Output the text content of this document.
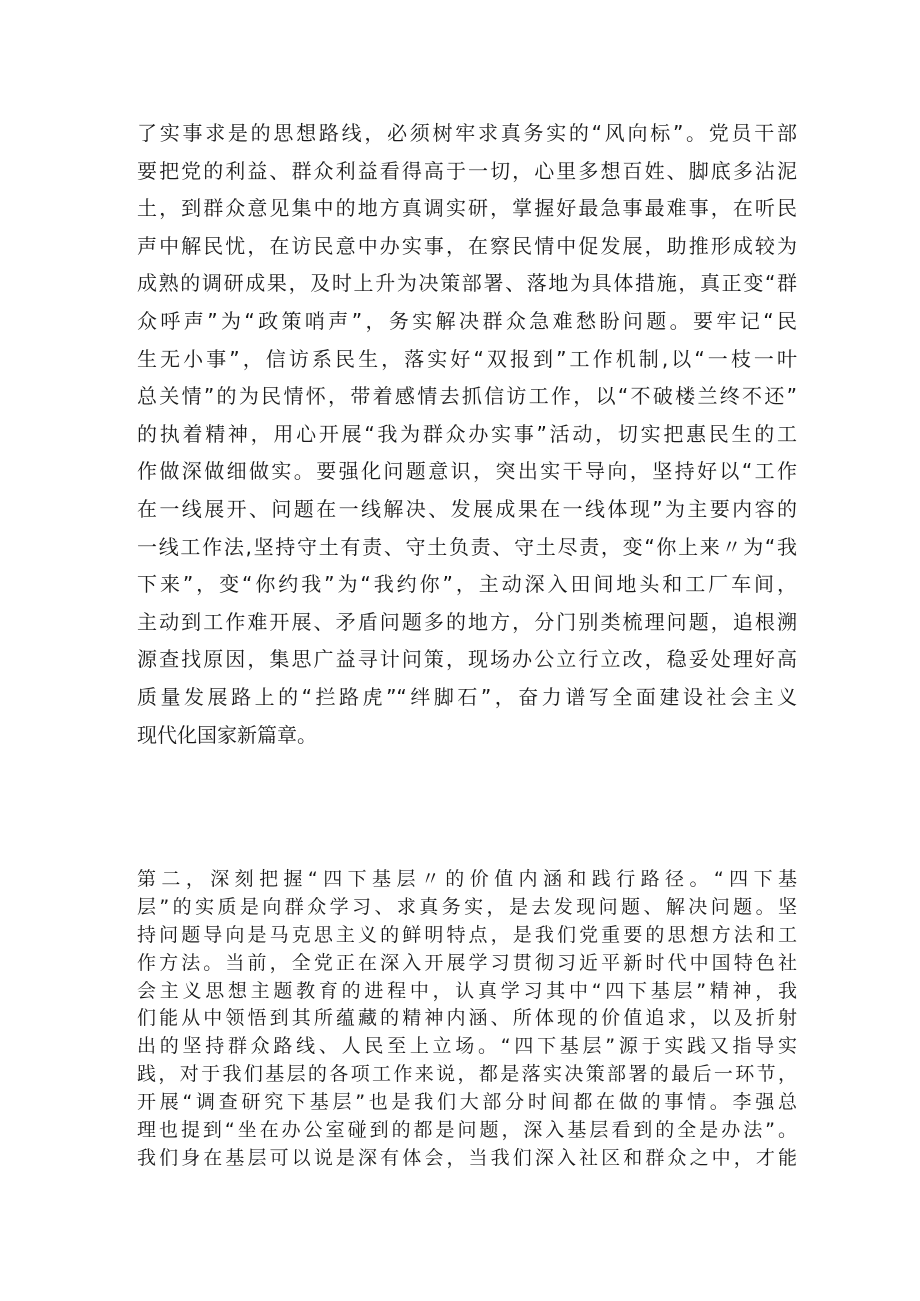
了实事求是的思想路线，必须树牢求真务实的“风向标”。党员干部
要把党的利益、群众利益看得高于一切，心里多想百姓、脚底多沾泥
土，到群众意见集中的地方真调实研，掌握好最急事最难事，在听民
声中解民忧，在访民意中办实事，在察民情中促发展，助推形成较为
成熟的调研成果，及时上升为决策部署、落地为具体措施，真正变“群
众呼声”为“政策哨声”，务实解决群众急难愁盼问题。要牢记“民
生无小事”，信访系民生，落实好“双报到”工作机制,以“一枝一叶
总关情”的为民情怀，带着感情去抓信访工作，以“不破楼兰终不还”
的执着精神，用心开展“我为群众办实事”活动，切实把惠民生的工
作做深做细做实。要强化问题意识，突出实干导向，坚持好以“工作
在一线展开、问题在一线解决、发展成果在一线体现”为主要内容的
一线工作法,坚持守土有责、守土负责、守土尽责，变“你上来〃为“我
下来”，变“你约我”为“我约你”，主动深入田间地头和工厂车间，
主动到工作难开展、矛盾问题多的地方，分门别类梳理问题，追根溯
源查找原因，集思广益寻计问策，现场办公立行立改，稳妥处理好高
质量发展路上的“拦路虎”“绊脚石”，奋力谱写全面建设社会主义
现代化国家新篇章。
第二，深刻把握“四下基层〃的价值内涵和践行路径。“四下基
层”的实质是向群众学习、求真务实，是去发现问题、解决问题。坚
持问题导向是马克思主义的鲜明特点，是我们党重要的思想方法和工
作方法。当前，全党正在深入开展学习贯彻习近平新时代中国特色社
会主义思想主题教育的进程中，认真学习其中“四下基层”精神，我
们能从中领悟到其所蕴藏的精神内涵、所体现的价值追求，以及折射
出的坚持群众路线、人民至上立场。“四下基层”源于实践又指导实
践，对于我们基层的各项工作来说，都是落实决策部署的最后一环节，
开展“调查研究下基层”也是我们大部分时间都在做的事情。李强总
理也提到“坐在办公室碰到的都是问题，深入基层看到的全是办法”。
我们身在基层可以说是深有体会，当我们深入社区和群众之中，才能
